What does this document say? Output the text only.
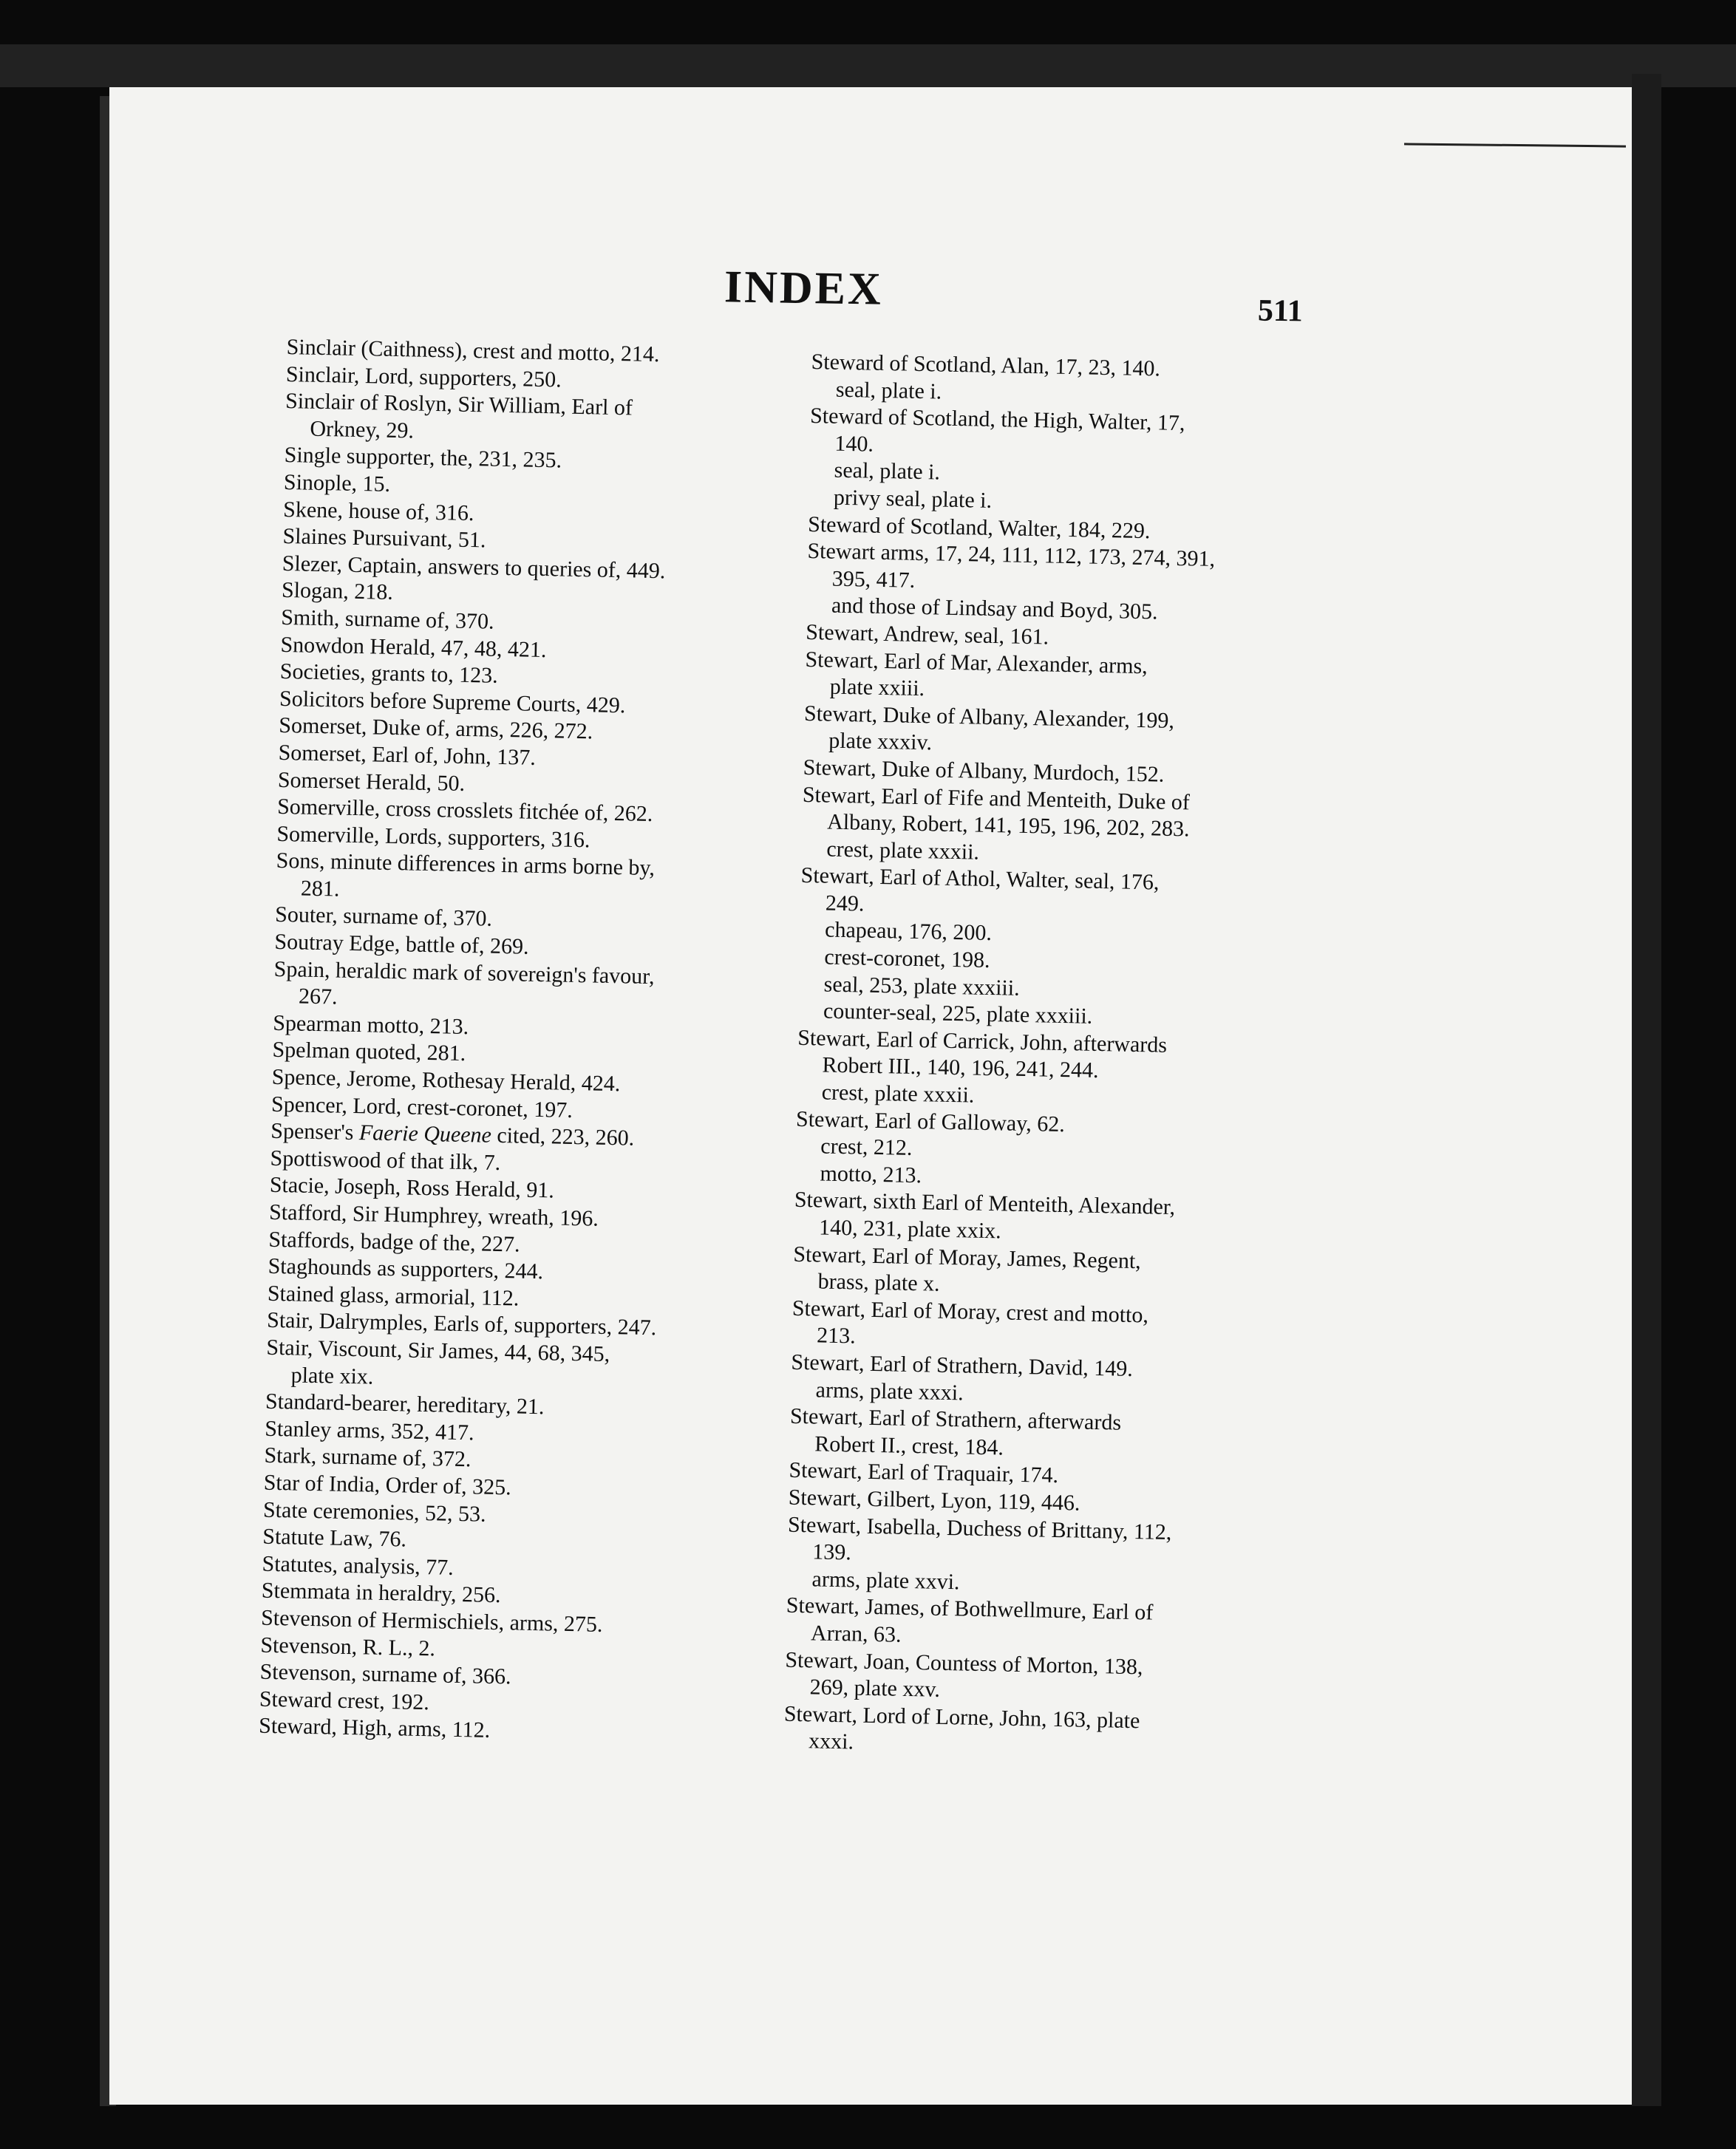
INDEX	511
Sinclair (Caithness), crest and motto, 214.
Sinclair, Lord, supporters, 250.
Sinclair of Roslyn, Sir William, Earl of
Orkney, 29.
Single supporter, the, 231, 235.
Sinople, 15.
Skene, house of, 316.
Slaines Pursuivant, 51.
Slezer, Captain, answers to queries of, 449.
Slogan, 218.
Smith, surname of, 370.
Snowdon Herald, 47, 48, 421.
Societies, grants to, 123.
Solicitors before Supreme Courts, 429.
Somerset, Duke of, arms, 226, 272.
Somerset, Earl of, John, 137.
Somerset Herald, 50.
Somerville, cross crosslets fitchée of, 262.
Somerville, Lords, supporters, 316.
Sons, minute differences in arms borne by,
281.
Souter, surname of, 370.
Soutray Edge, battle of, 269.
Spain, heraldic mark of sovereign's favour,
267.
Spearman motto, 213.
Spelman quoted, 281.
Spence, Jerome, Rothesay Herald, 424.
Spencer, Lord, crest-coronet, 197.
Spenser's Faerie Queene cited, 223, 260.
Spottiswood of that ilk, 7.
Stacie, Joseph, Ross Herald, 91.
Stafford, Sir Humphrey, wreath, 196.
Staffords, badge of the, 227.
Staghounds as supporters, 244.
Stained glass, armorial, 112.
Stair, Dalrymples, Earls of, supporters, 247.
Stair, Viscount, Sir James, 44, 68, 345,
plate xix.
Standard-bearer, hereditary, 21.
Stanley arms, 352, 417.
Stark, surname of, 372.
Star of India, Order of, 325.
State ceremonies, 52, 53.
Statute Law, 76.
Statutes, analysis, 77.
Stemmata in heraldry, 256.
Stevenson of Hermischiels, arms, 275.
Stevenson, R. L., 2.
Stevenson, surname of, 366.
Steward crest, 192.
Steward, High, arms, 112.
Steward of Scotland, Alan, 17, 23, 140.
seal, plate i.
Steward of Scotland, the High, Walter, 17,
140.
seal, plate i.
privy seal, plate i.
Steward of Scotland, Walter, 184, 229.
Stewart arms, 17, 24, 111, 112, 173, 274, 391,
395, 417.
and those of Lindsay and Boyd, 305.
Stewart, Andrew, seal, 161.
Stewart, Earl of Mar, Alexander, arms,
plate xxiii.
Stewart, Duke of Albany, Alexander, 199,
plate xxxiv.
Stewart, Duke of Albany, Murdoch, 152.
Stewart, Earl of Fife and Menteith, Duke of
Albany, Robert, 141, 195, 196, 202, 283.
crest, plate xxxii.
Stewart, Earl of Athol, Walter, seal, 176,
249.
chapeau, 176, 200.
crest-coronet, 198.
seal, 253, plate xxxiii.
counter-seal, 225, plate xxxiii.
Stewart, Earl of Carrick, John, afterwards
Robert III., 140, 196, 241, 244.
crest, plate xxxii.
Stewart, Earl of Galloway, 62.
crest, 212.
motto, 213.
Stewart, sixth Earl of Menteith, Alexander,
140, 231, plate xxix.
Stewart, Earl of Moray, James, Regent,
brass, plate x.
Stewart, Earl of Moray, crest and motto,
213.
Stewart, Earl of Strathern, David, 149.
arms, plate xxxi.
Stewart, Earl of Strathern, afterwards
Robert II., crest, 184.
Stewart, Earl of Traquair, 174.
Stewart, Gilbert, Lyon, 119, 446.
Stewart, Isabella, Duchess of Brittany, 112,
139.
arms, plate xxvi.
Stewart, James, of Bothwellmure, Earl of
Arran, 63.
Stewart, Joan, Countess of Morton, 138,
269, plate xxv.
Stewart, Lord of Lorne, John, 163, plate
xxxi.
